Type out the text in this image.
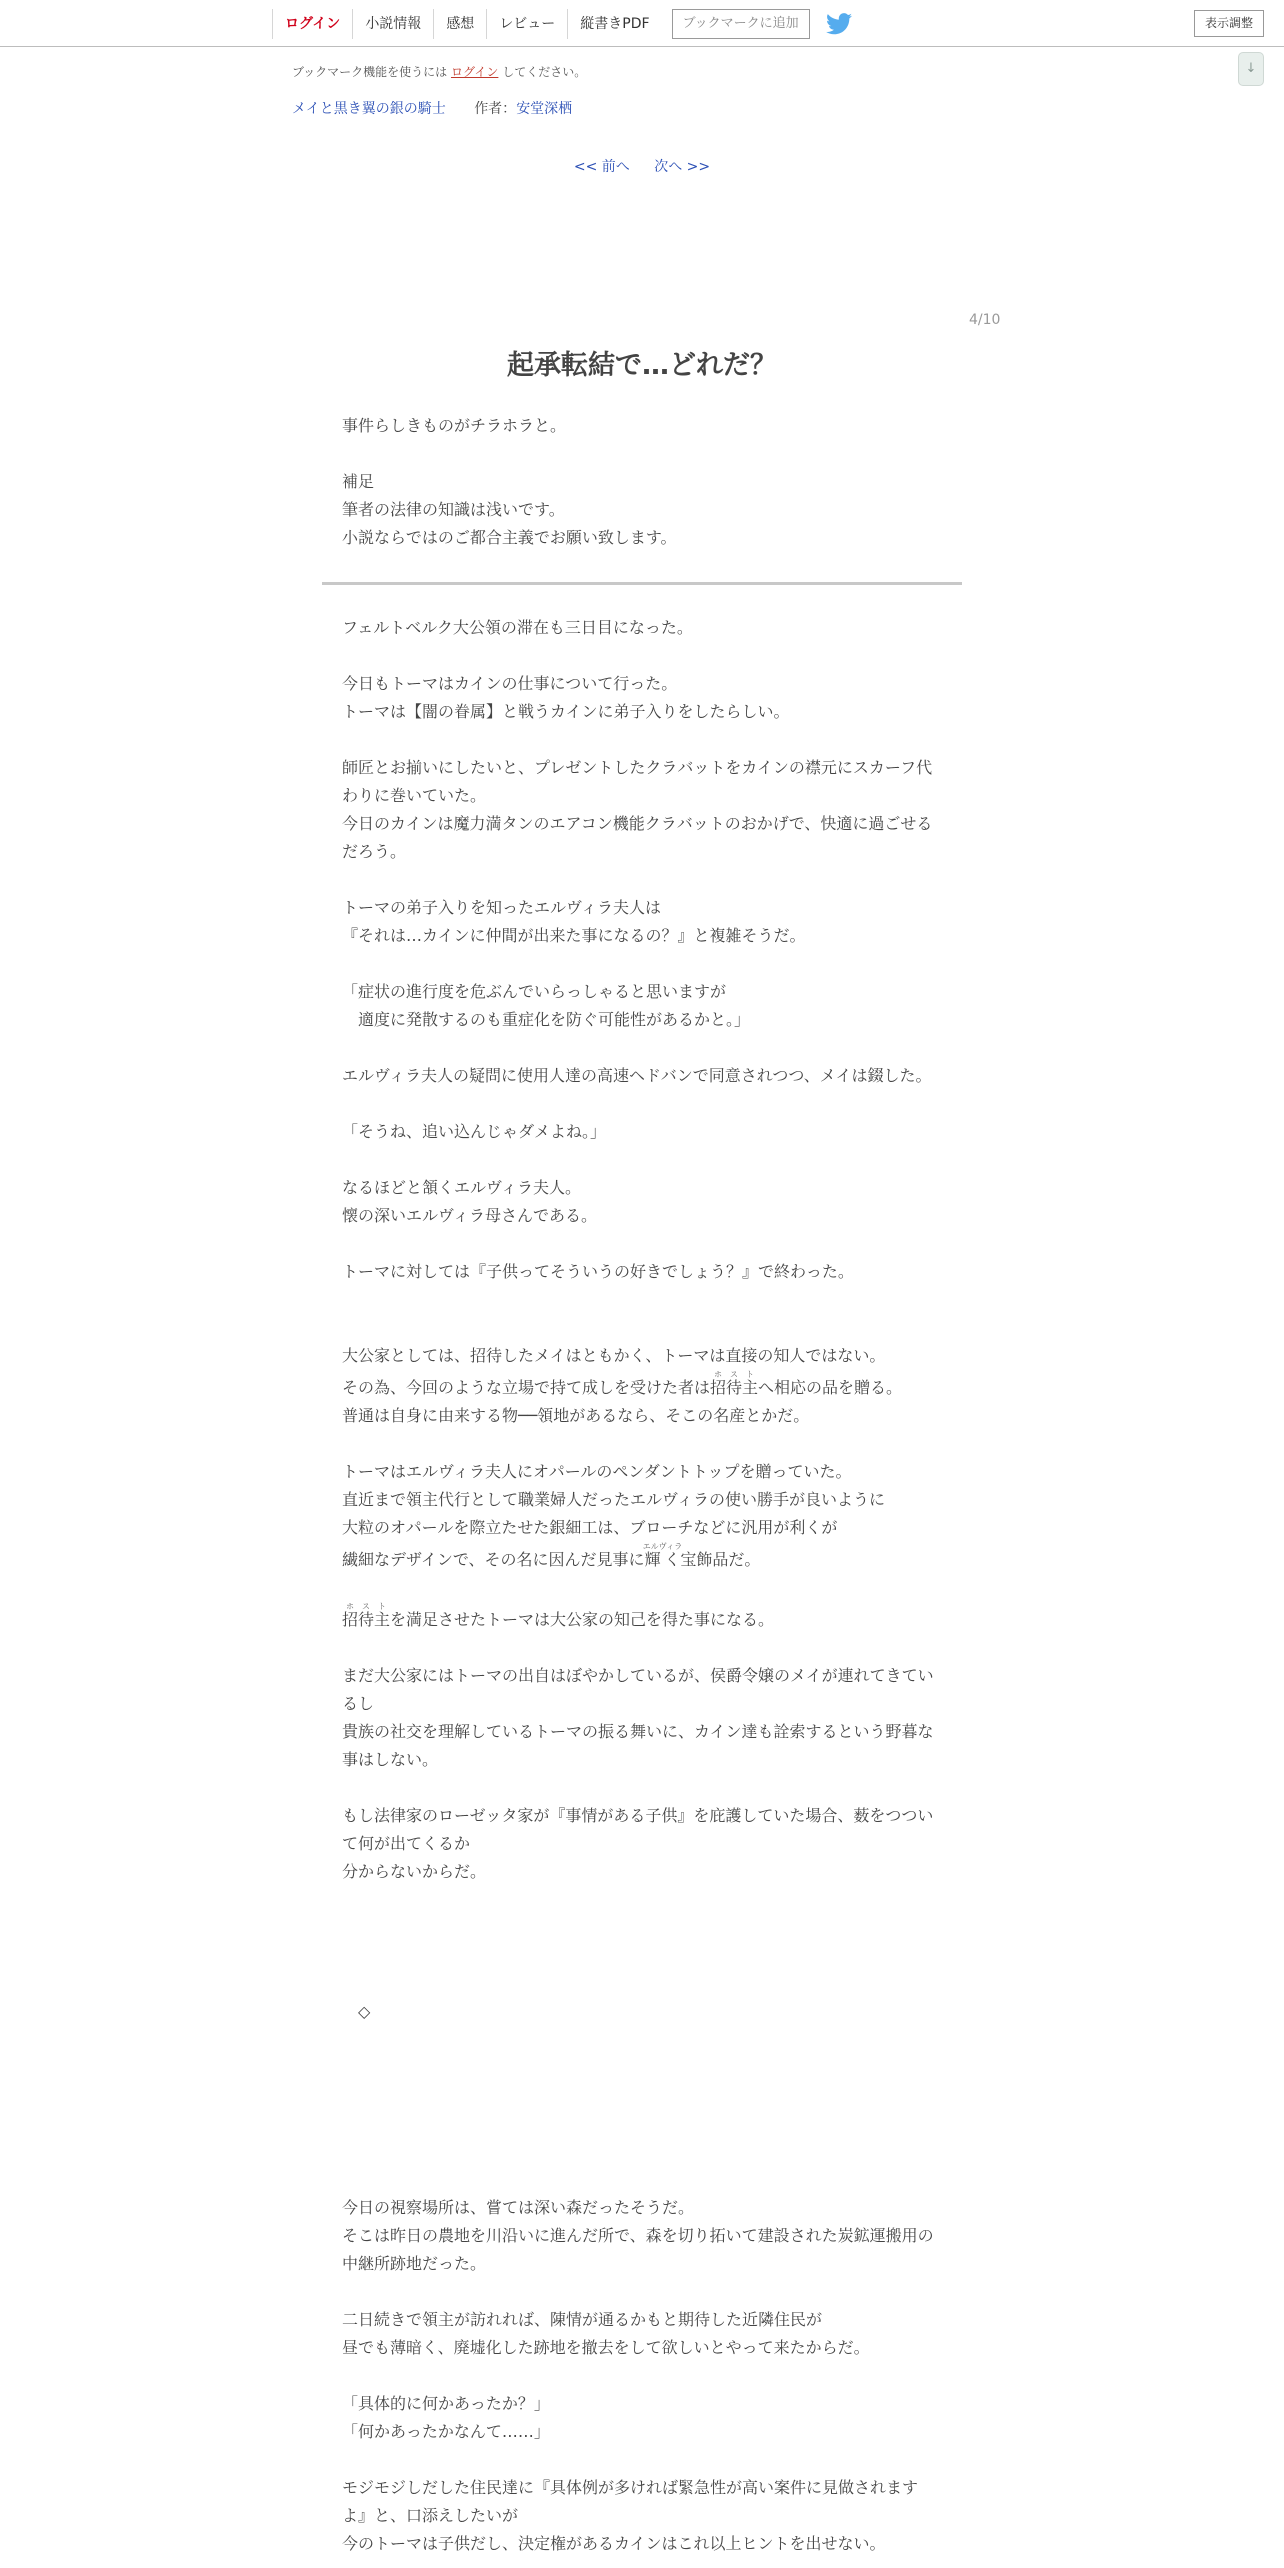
ログイン	小説情報	感想	レビュー	縦書きPDF	ブックマークに追加	表示調整
↓
ブックマーク機能を使うには ログイン してください。
メイと黒き翼の銀の騎士 作者：安堂深栖
<< 前へ 次へ >>
4/10
起承転結で…どれだ？
事件らしきものがチラホラと。
補足
筆者の法律の知識は浅いです。
小説ならではのご都合主義でお願い致します。
フェルトベルク大公領の滞在も三日目になった。
今日もトーマはカインの仕事について行った。
トーマは【闇の眷属】と戦うカインに弟子入りをしたらしい。
師匠とお揃いにしたいと、プレゼントしたクラバットをカインの襟元にスカーフ代
わりに巻いていた。
今日のカインは魔力満タンのエアコン機能クラバットのおかげで、快適に過ごせる
だろう。
トーマの弟子入りを知ったエルヴィラ夫人は
『それは…カインに仲間が出来た事になるの？』と複雑そうだ。
「症状の進行度を危ぶんでいらっしゃると思いますが
　適度に発散するのも重症化を防ぐ可能性があるかと。」
エルヴィラ夫人の疑問に使用人達の高速ヘドバンで同意されつつ、メイは錣した。
「そうね、追い込んじゃダメよね。」
なるほどと頷くエルヴィラ夫人。
懐の深いエルヴィラ母さんである。
トーマに対しては『子供ってそういうの好きでしょう？』で終わった。
大公家としては、招待したメイはともかく、トーマは直接の知人ではない。
その為、今回のような立場で持て成しを受けた者は招待主ホストへ相応の品を贈る。
普通は自身に由来する物──領地があるなら、そこの名産とかだ。
トーマはエルヴィラ夫人にオパールのペンダントトップを贈っていた。
直近まで領主代行として職業婦人だったエルヴィラの使い勝手が良いように
大粒のオパールを際立たせた銀細工は、ブローチなどに汎用が利くが
繊細なデザインで、その名に因んだ見事に輝くエルヴィラ宝飾品だ。
招待主ホストを満足させたトーマは大公家の知己を得た事になる。
まだ大公家にはトーマの出自はぼやかしているが、侯爵令嬢のメイが連れてきてい
るし
貴族の社交を理解しているトーマの振る舞いに、カイン達も詮索するという野暮な
事はしない。
もし法律家のローゼッタ家が『事情がある子供』を庇護していた場合、薮をつつい
て何が出てくるか
分からないからだ。
◇
今日の視察場所は、嘗ては深い森だったそうだ。
そこは昨日の農地を川沿いに進んだ所で、森を切り拓いて建設された炭鉱運搬用の
中継所跡地だった。
二日続きで領主が訪れれば、陳情が通るかもと期待した近隣住民が
昼でも薄暗く、廃墟化した跡地を撤去をして欲しいとやって来たからだ。
「具体的に何かあったか？」
「何かあったかなんて……」
モジモジしだした住民達に『具体例が多ければ緊急性が高い案件に見做されます
よ』と、口添えしたいが
今のトーマは子供だし、決定権があるカインはこれ以上ヒントを出せない。
